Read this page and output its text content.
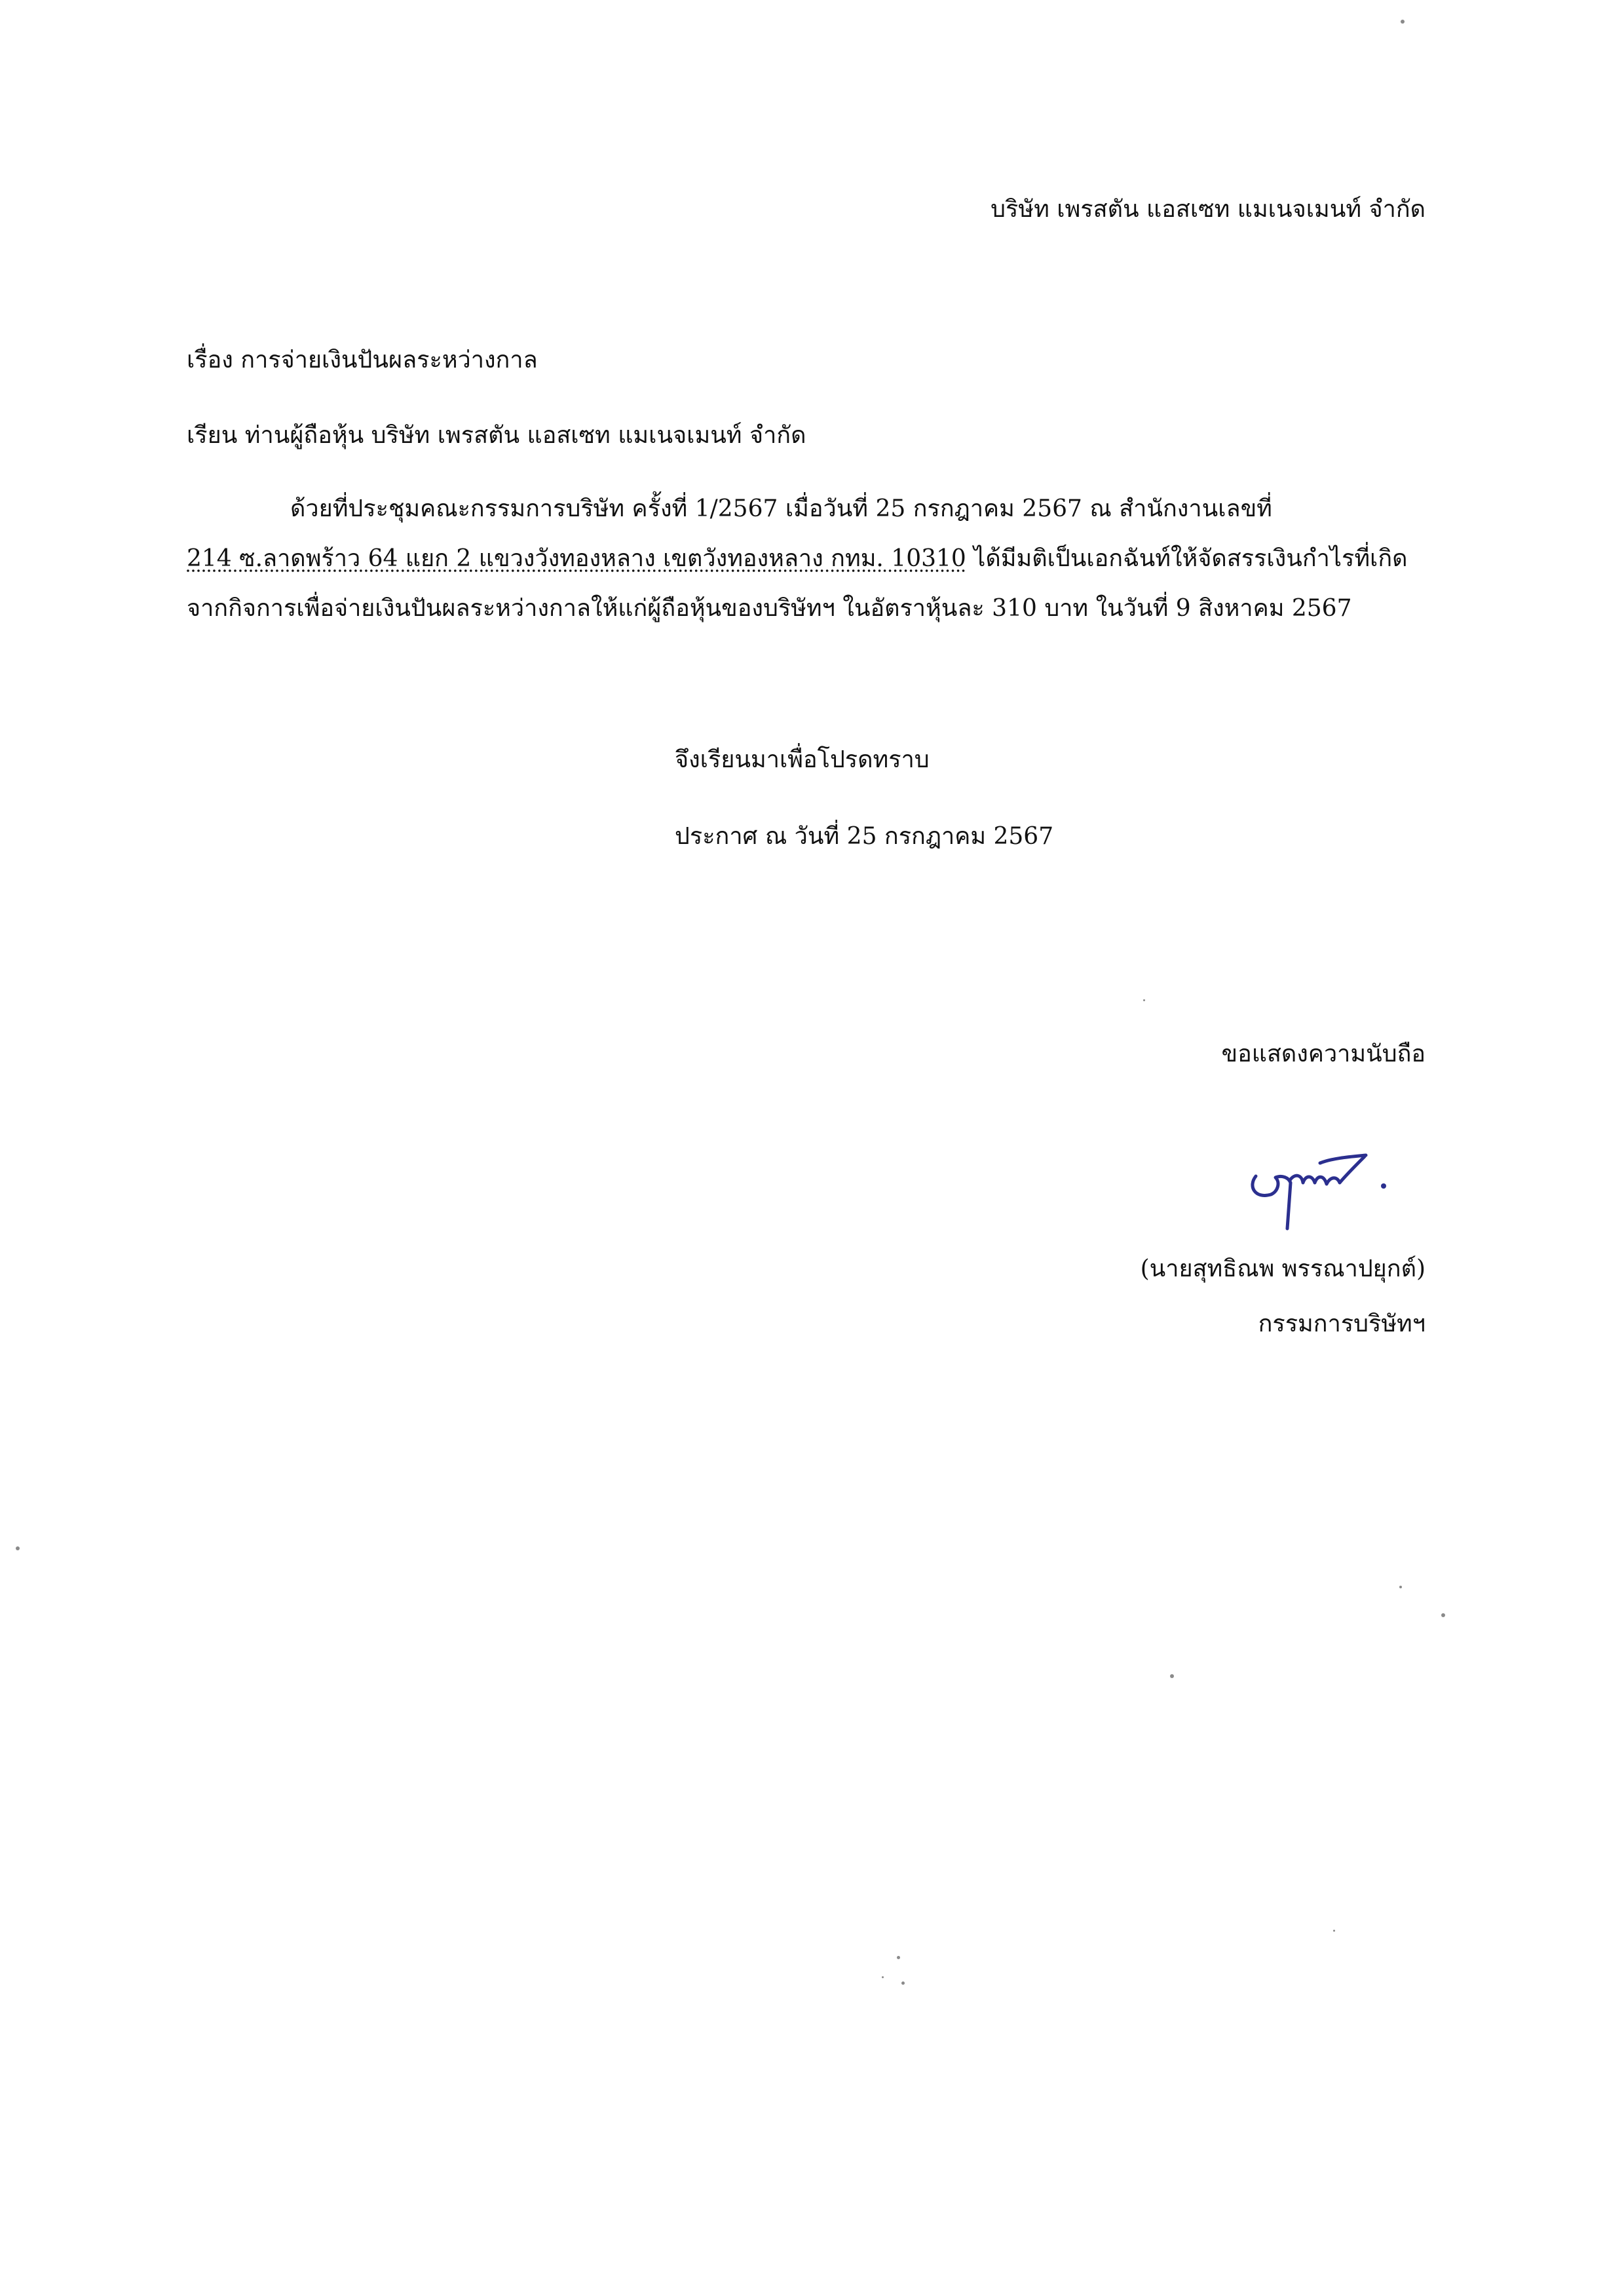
บริษัท เพรสตัน แอสเซท แมเนจเมนท์ จำกัด
เรื่อง การจ่ายเงินปันผลระหว่างกาล
เรียน ท่านผู้ถือหุ้น บริษัท เพรสตัน แอสเซท แมเนจเมนท์ จำกัด
ด้วยที่ประชุมคณะกรรมการบริษัท ครั้งที่ 1/2567 เมื่อวันที่ 25 กรกฎาคม 2567 ณ สำนักงานเลขที่
214 ซ.ลาดพร้าว 64 แยก 2 แขวงวังทองหลาง เขตวังทองหลาง กทม. 10310 ได้มีมติเป็นเอกฉันท์ให้จัดสรรเงินกำไรที่เกิด
จากกิจการเพื่อจ่ายเงินปันผลระหว่างกาลให้แก่ผู้ถือหุ้นของบริษัทฯ ในอัตราหุ้นละ 310 บาท ในวันที่ 9 สิงหาคม 2567
จึงเรียนมาเพื่อโปรดทราบ
ประกาศ ณ วันที่ 25 กรกฎาคม 2567
ขอแสดงความนับถือ
(นายสุทธิณพ พรรณาปยุกต์)
กรรมการบริษัทฯ
